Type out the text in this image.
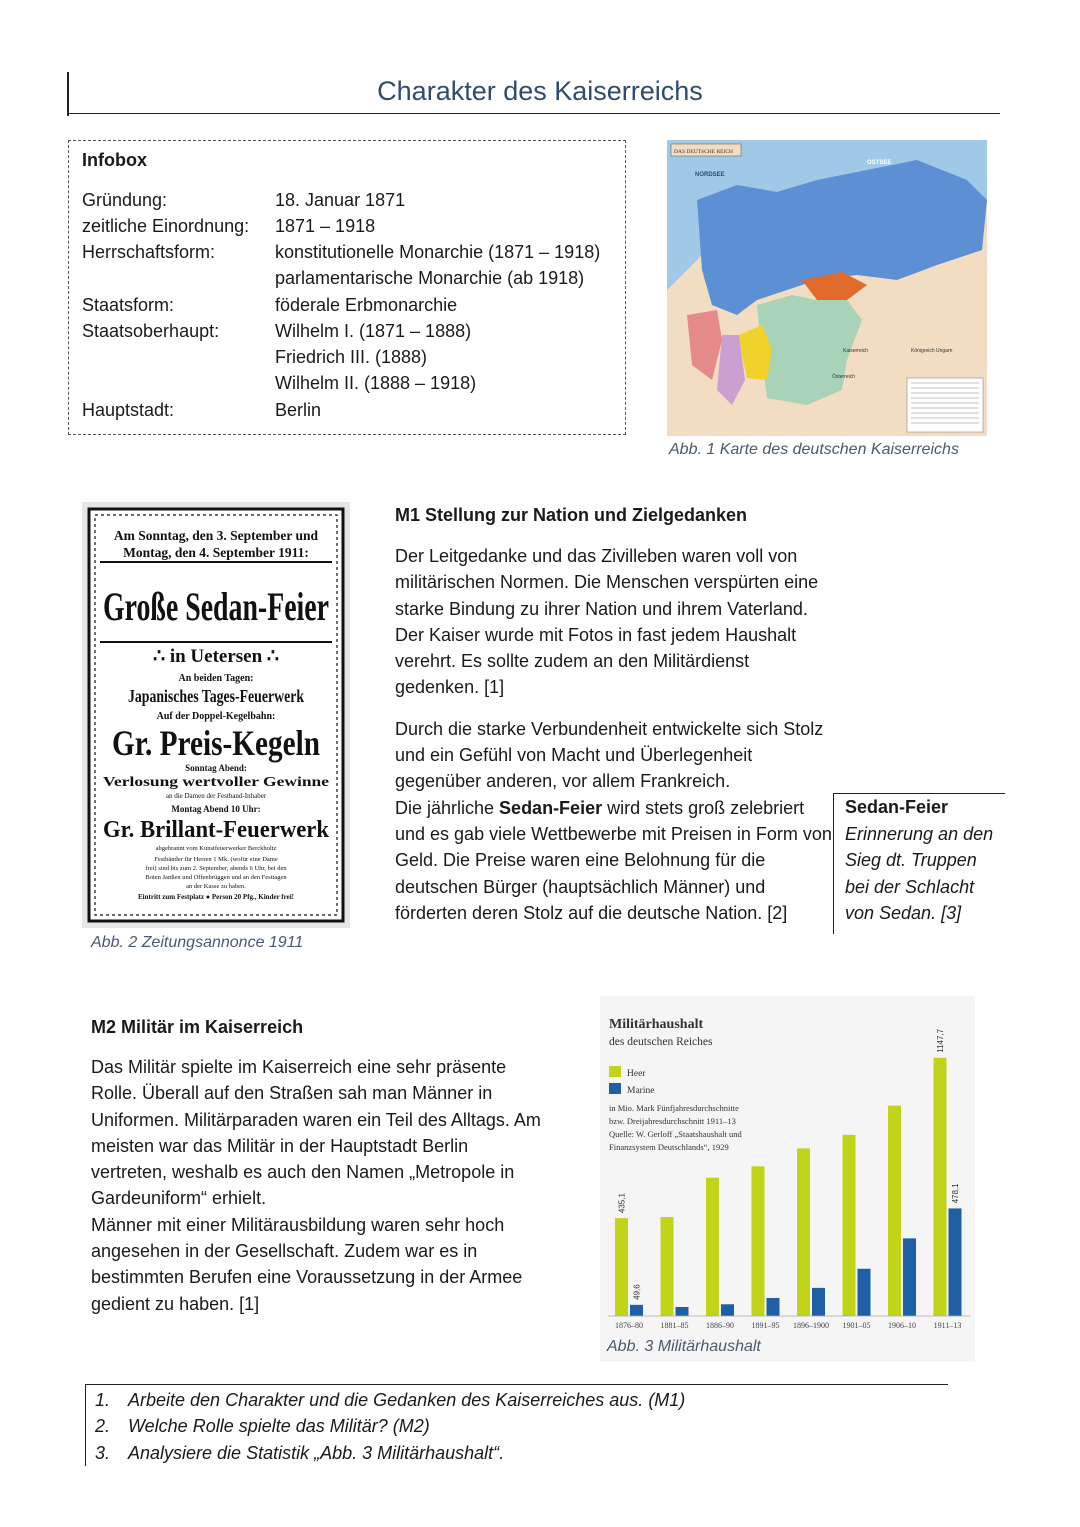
Charakter des Kaiserreichs
Infobox
Gründung:	18. Januar 1871
zeitliche Einordnung: 1871 – 1918
Herrschaftsform:	konstitutionelle Monarchie (1871 – 1918)
parlamentarische Monarchie (ab 1918)
Staatsform:	föderale Erbmonarchie
Staatsoberhaupt:	Wilhelm I. (1871 – 1888)
Friedrich III. (1888)
Wilhelm II. (1888 – 1918)
Hauptstadt:	Berlin
DAS DEUTSCHE REICH
NORDSEE
OSTSEE
Österreich
Kaiserreich	Königreich Ungarn
Abb. 1 Karte des deutschen Kaiserreichs
Am Sonntag, den 3. September und
Montag, den 4. September 1911:
Große Sedan-Feier
∴ in Uetersen ∴
An beiden Tagen:
Japanisches Tages-Feuerwerk
Auf der Doppel-Kegelbahn:
Gr. Preis-Kegeln
Sonntag Abend:
Verlosung wertvoller Gewinne
an die Damen der Festband-Inhaber
Montag Abend 10 Uhr:
Gr. Brillant-Feuerwerk
abgebrannt vom Kunstfeuerwerker Berckholtz
Festbänder für Herren 1 Mk. (wofür eine Dame
frei) sind bis zum 2. September, abends 6 Uhr, bei den
Boten Janßen und Offenbrüggen und an den Festtagen
an der Kasse zu haben.
Eintritt zum Festplatz ● Person 20 Pfg., Kinder frei!
Abb. 2 Zeitungsannonce 1911
M1 Stellung zur Nation und Zielgedanken
Der Leitgedanke und das Zivilleben waren voll von militärischen Normen. Die Menschen verspürten eine starke Bindung zu ihrer Nation und ihrem Vaterland. Der Kaiser wurde mit Fotos in fast jedem Haushalt verehrt. Es sollte zudem an den Militärdienst gedenken. [1]
Durch die starke Verbundenheit entwickelte sich Stolz und ein Gefühl von Macht und Überlegenheit gegenüber anderen, vor allem Frankreich.
Die jährliche Sedan-Feier wird stets groß zelebriert und es gab viele Wettbewerbe mit Preisen in Form von Geld. Die Preise waren eine Belohnung für die deutschen Bürger (hauptsächlich Männer) und förderten deren Stolz auf die deutsche Nation. [2]
Sedan-Feier
Erinnerung an den Sieg dt. Truppen bei der Schlacht von Sedan. [3]
M2 Militär im Kaiserreich
Das Militär spielte im Kaiserreich eine sehr präsente Rolle. Überall auf den Straßen sah man Männer in Uniformen. Militärparaden waren ein Teil des Alltags. Am meisten war das Militär in der Hauptstadt Berlin vertreten, weshalb es auch den Namen „Metropole in Gardeuniform“ erhielt.
Männer mit einer Militärausbildung waren sehr hoch angesehen in der Gesellschaft. Zudem war es in bestimmten Berufen eine Voraussetzung in der Armee gedient zu haben. [1]
Militärhaushalt
des deutschen Reiches
Heer
Marine
in Mio. Mark Fünfjahresdurchschnitte
bzw. Dreijahresdurchschnitt 1911–13
Quelle: W. Gerloff „Staatshaushalt und
Finanzsystem Deutschlands“, 1929
1876–80 1881–85 1886–90 1891–95 1896–1900 1901–05 1906–10 1911–13
435,1
49,6
1147,7
478,1
Abb. 3 Militärhaushalt
1. Arbeite den Charakter und die Gedanken des Kaiserreiches aus. (M1)
2. Welche Rolle spielte das Militär? (M2)
3. Analysiere die Statistik „Abb. 3 Militärhaushalt“.
